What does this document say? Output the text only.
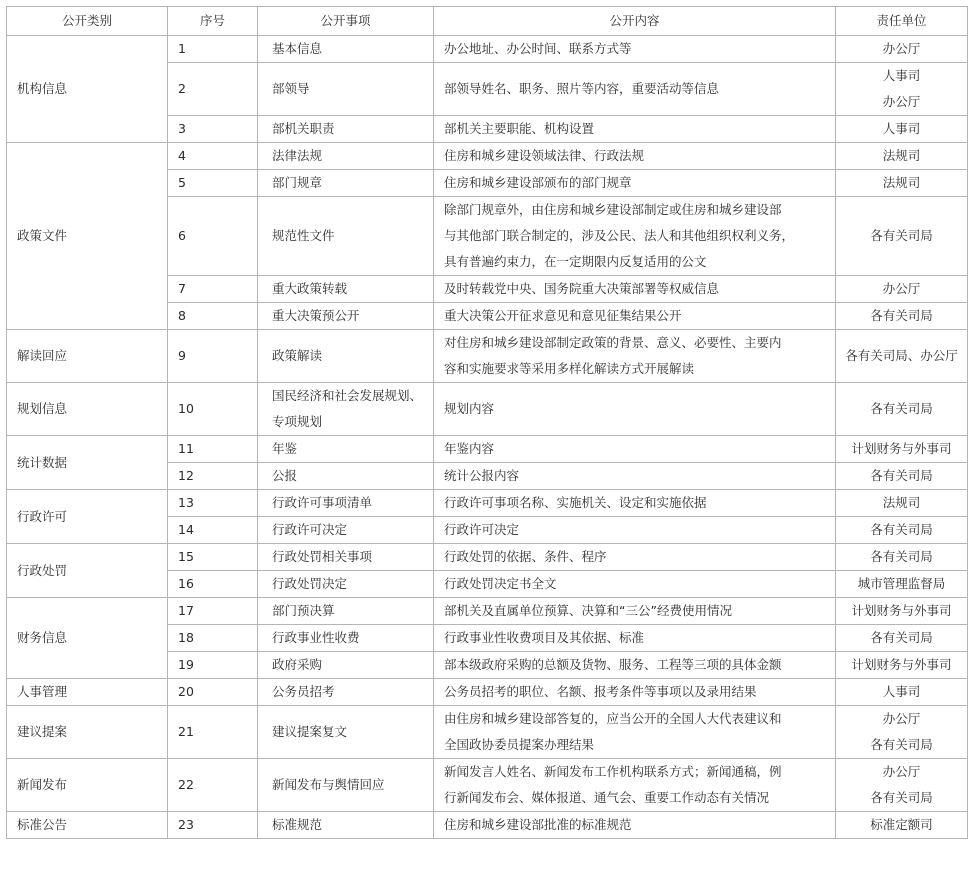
公开类别	序号	公开事项	公开内容	责任单位
机构信息	1	基本信息	办公地址、办公时间、联系方式等	办公厅

	2	部领导	部领导姓名、职务、照片等内容，重要活动等信息	人事司
办公厅

	3	部机关职责	部机关主要职能、机构设置	人事司

政策文件	4	法律法规	住房和城乡建设领域法律、行政法规	法规司

	5	部门规章	住房和城乡建设部颁布的部门规章	法规司

	6	规范性文件	除部门规章外，由住房和城乡建设部制定或住房和城乡建设部
与其他部门联合制定的，涉及公民、法人和其他组织权利义务，
具有普遍约束力，在一定期限内反复适用的公文	各有关司局

	7	重大政策转载	及时转载党中央、国务院重大决策部署等权威信息	办公厅

	8	重大决策预公开	重大决策公开征求意见和意见征集结果公开	各有关司局

解读回应	9	政策解读	对住房和城乡建设部制定政策的背景、意义、必要性、主要内
容和实施要求等采用多样化解读方式开展解读	各有关司局、办公厅

规划信息	10	国民经济和社会发展规划、
专项规划	规划内容	各有关司局

统计数据	11	年鉴	年鉴内容	计划财务与外事司

	12	公报	统计公报内容	各有关司局

行政许可	13	行政许可事项清单	行政许可事项名称、实施机关、设定和实施依据	法规司

	14	行政许可决定	行政许可决定	各有关司局

行政处罚	15	行政处罚相关事项	行政处罚的依据、条件、程序	各有关司局

	16	行政处罚决定	行政处罚决定书全文	城市管理监督局

财务信息	17	部门预决算	部机关及直属单位预算、决算和“三公”经费使用情况	计划财务与外事司

	18	行政事业性收费	行政事业性收费项目及其依据、标准	各有关司局

	19	政府采购	部本级政府采购的总额及货物、服务、工程等三项的具体金额	计划财务与外事司

人事管理	20	公务员招考	公务员招考的职位、名额、报考条件等事项以及录用结果	人事司

建议提案	21	建议提案复文	由住房和城乡建设部答复的，应当公开的全国人大代表建议和
全国政协委员提案办理结果	办公厅
各有关司局

新闻发布	22	新闻发布与舆情回应	新闻发言人姓名、新闻发布工作机构联系方式；新闻通稿，例
行新闻发布会、媒体报道、通气会、重要工作动态有关情况	办公厅
各有关司局

标准公告	23	标准规范	住房和城乡建设部批准的标准规范	标准定额司
